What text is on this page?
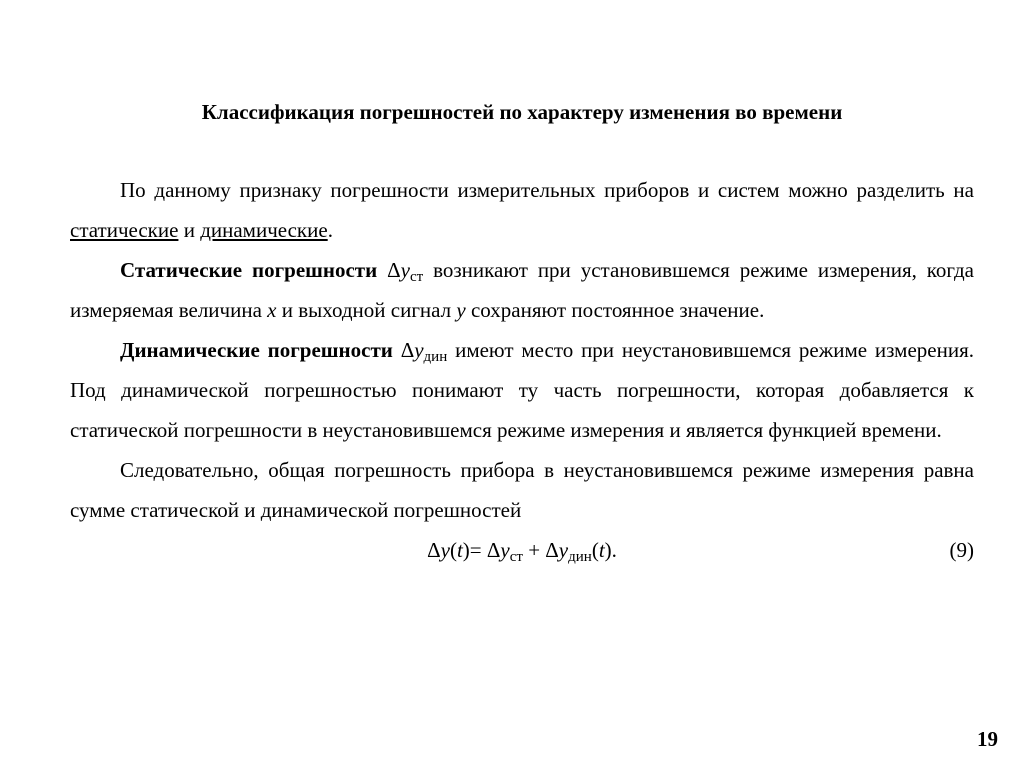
Классификация погрешностей по характеру изменения во времени

По данному признаку погрешности измерительных приборов и систем можно разделить на статические и динамические.

Статические погрешности $\Delta y_{ст}$ возникают при установившемся режиме измерения, когда измеряемая величина x и выходной сигнал y сохраняют постоянное значение.

Динамические погрешности $\Delta y_{дин}$ имеют место при неустановившемся режиме измерения. Под динамической погрешностью понимают ту часть погрешности, которая добавляется к статической погрешности в неустановившемся режиме измерения и является функцией времени.

Следовательно, общая погрешность прибора в неустановившемся режиме измерения равна сумме статической и динамической погрешностей

$\Delta y(t)= \Delta y_{ст} + \Delta y_{дин}(t)$.	(9)
19
